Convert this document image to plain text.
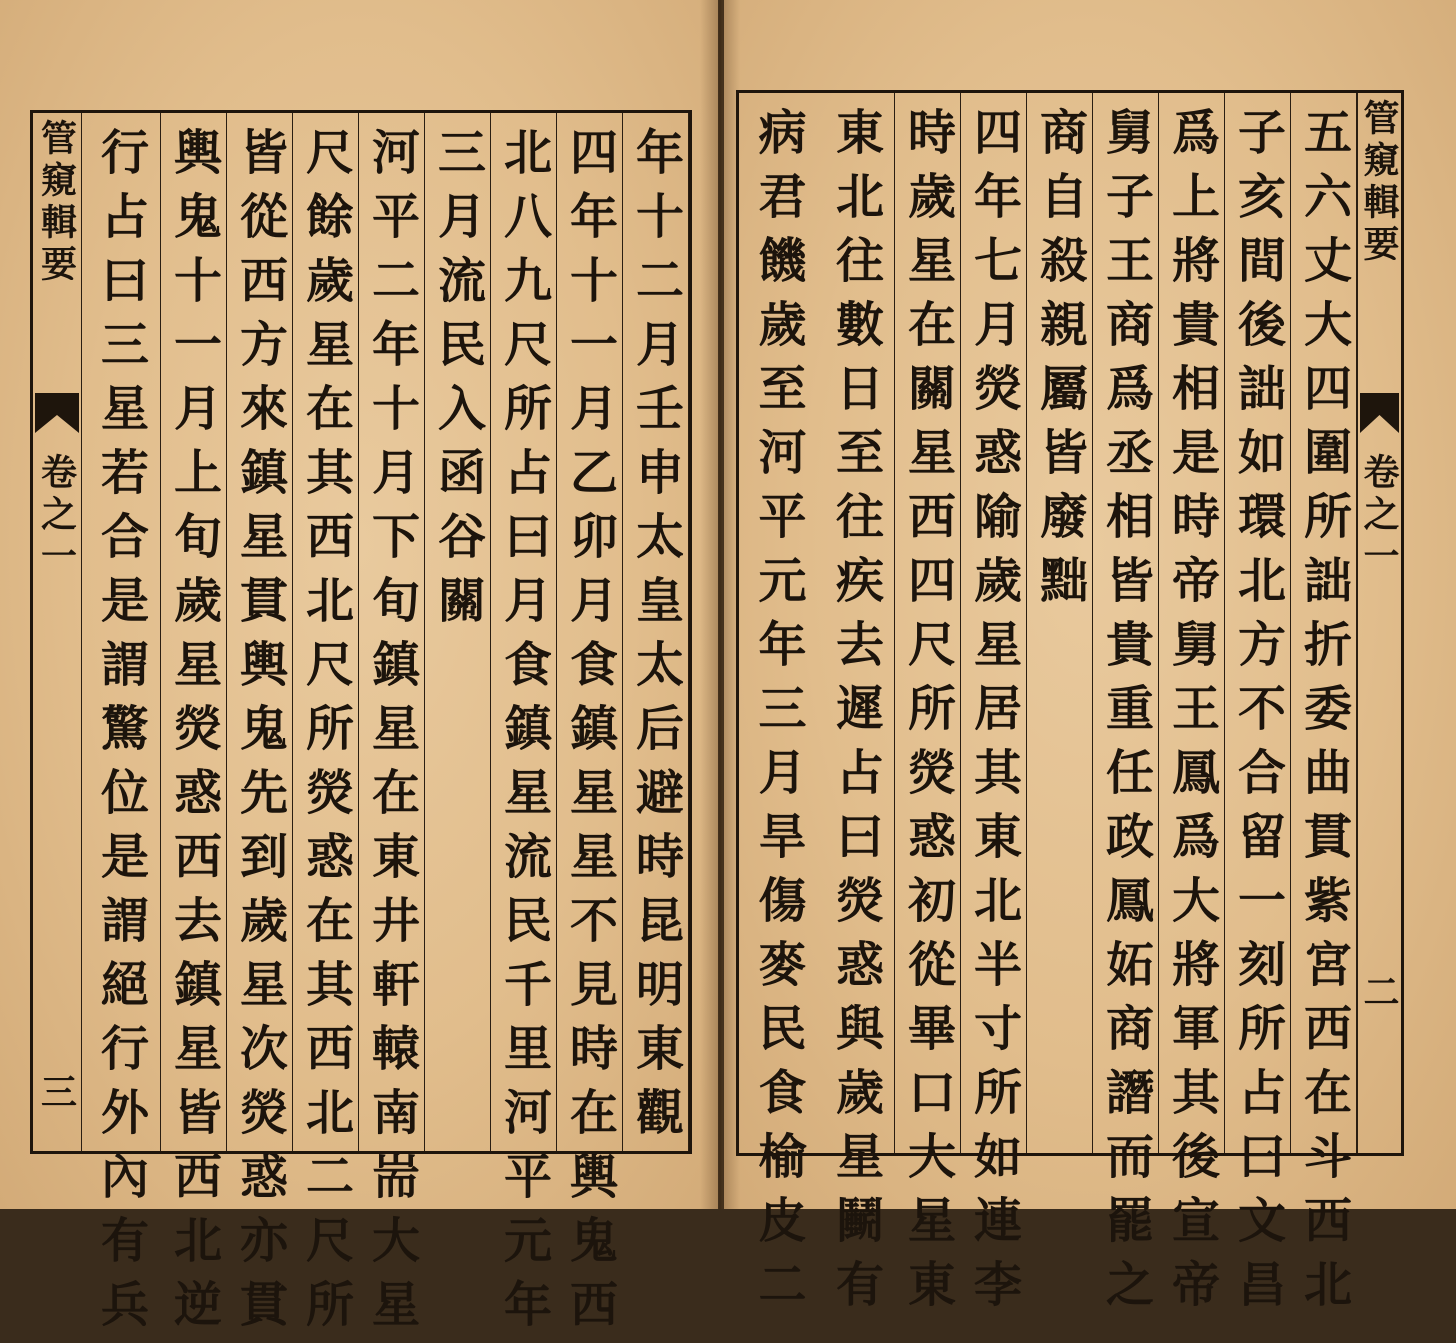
年十二月壬申太皇太后避時昆明東觀
四年十一月乙卯月食鎮星星不見時在輿鬼西
北八九尺所占曰月食鎮星流民千里河平元年
三月流民入函谷關
河平二年十月下旬鎮星在東井軒轅南耑大星
尺餘歲星在其西北尺所熒惑在其西北二尺所
皆從西方來鎮星貫輿鬼先到歲星次熒惑亦貫
輿鬼十一月上旬歲星熒惑西去鎮星皆西北逆
行占曰三星若合是謂驚位是謂絕行外內有兵
管窺輯要
卷之一
三
管窺輯要
卷之一
二
五六丈大四圍所詘折委曲貫紫宮西在斗西北
子亥間後詘如環北方不合留一刻所占曰文昌
爲上將貴相是時帝舅王鳳爲大將軍其後宣帝
舅子王商爲丞相皆貴重任政鳳妬商譖而罷之
商自殺親屬皆廢黜
四年七月熒惑隃歲星居其東北半寸所如連李
時歲星在關星西四尺所熒惑初從畢口大星東
東北往數日至往疾去遲占曰熒惑與歲星鬭有
病君饑歲至河平元年三月旱傷麥民食榆皮二
